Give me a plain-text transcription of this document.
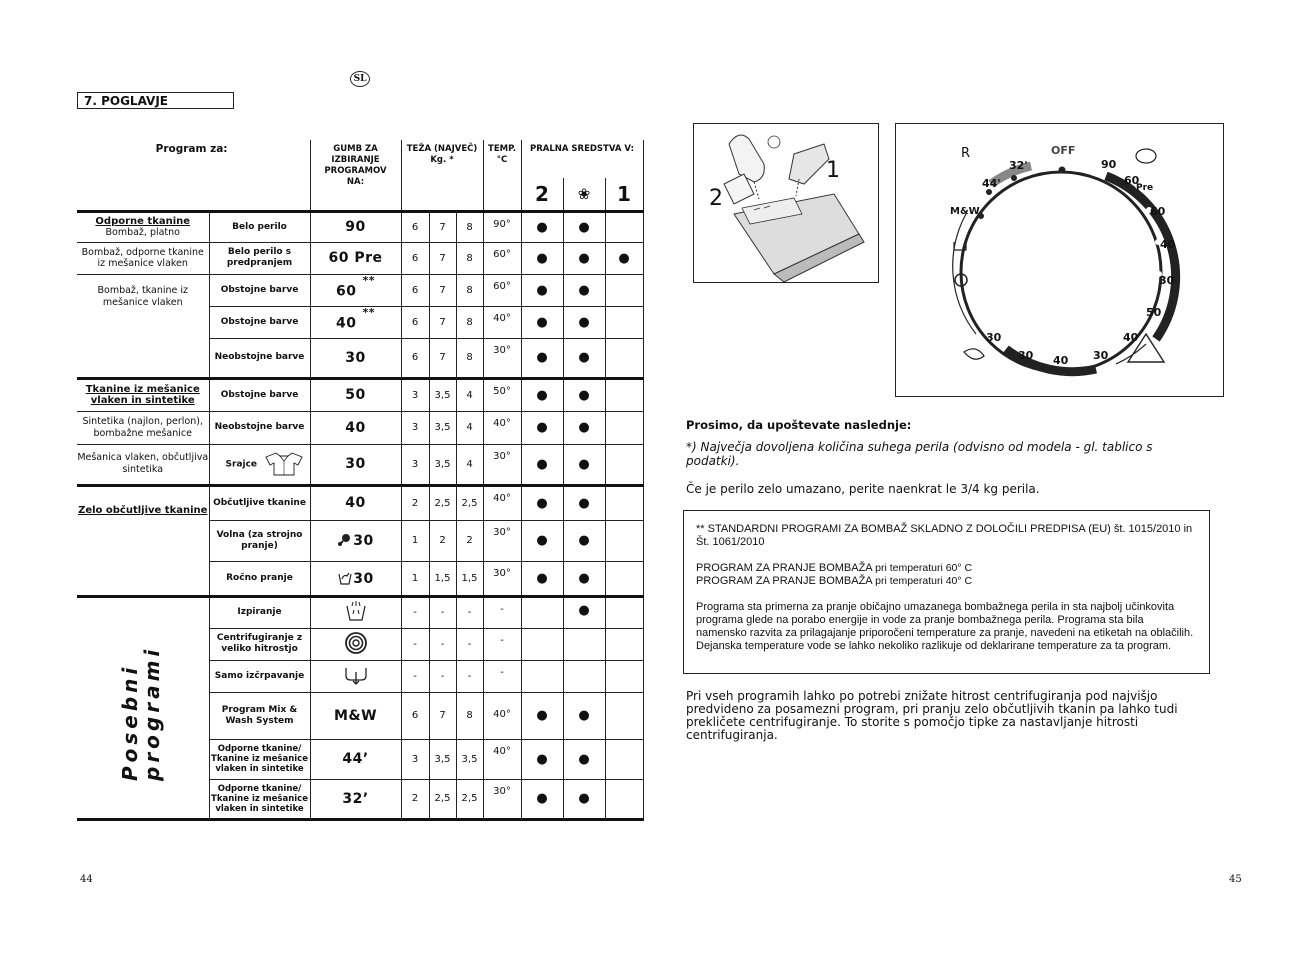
SL
7. POGLAVJE
Program za:		GUMB ZA IZBIRANJE PROGRAMOV NA:	TEŽA (NAJVEČ) Kg. *			TEMP. °C	PRALNA SREDSTVA V:		
							2	❀	1

Odporne tkanine
Bombaž, platno	Belo perilo	90	6	7	8	90°	●	●	
Bombaž, odporne tkanine iz mešanice vlaken	Belo perilo s predpranjem	60 Pre	6	7	8	60°	●	●	●
Bombaž, tkanine iz mešanice vlaken	Obstojne barve	60**	6	7	8	60°	●	●	
	Obstojne barve	40**	6	7	8	40°	●	●	
	Neobstojne barve	30	6	7	8	30°	●	●	

Tkanine iz mešanice vlaken in sintetike	Obstojne barve	50	3	3,5	4	50°	●	●	
Sintetika (najlon, perlon), bombažne mešanice	Neobstojne barve	40	3	3,5	4	40°	●	●	
Mešanica vlaken, občutljiva sintetika	Srajce	30	3	3,5	4	30°	●	●	

Zelo občutljive tkanine	Občutljive tkanine	40	2	2,5	2,5	40°	●	●	
	Volna (za strojno pranje)	30	1	2	2	30°	●	●	
	Ročno pranje	30	1	1,5	1,5	30°	●	●	
Posebni programi	Izpiranje		-	-	-	-		●	
	Centrifugiranje z veliko hitrostjo		-	-	-	-			
	Samo izčrpavanje		-	-	-	-			
	Program Mix & Wash System	M&W	6	7	8	40°	●	●	
	Odporne tkanine/ Tkanine iz mešanice vlaken in sintetike	44’	3	3,5	3,5	40°	●	●	
	Odporne tkanine/ Tkanine iz mešanice vlaken in sintetike	32’	2	2,5	2,5	30°	●	●	
1
2
OFF
R
90
60
Pre
60
40
30
50
40
30
40
30
30
M&W
44'
32'
Prosimo, da upoštevate naslednje:
*) Največja dovoljena količina suhega perila (odvisno od modela - gl. tablico s podatki).
Če je perilo zelo umazano, perite naenkrat le 3/4 kg perila.

** STANDARDNI PROGRAMI ZA BOMBAŽ SKLADNO Z DOLOČILI PREDPISA (EU) št. 1015/2010 in Št. 1061/2010

PROGRAM ZA PRANJE BOMBAŽA pri temperaturi 60° C
PROGRAM ZA PRANJE BOMBAŽA pri temperaturi 40° C

Programa sta primerna za pranje običajno umazanega bombažnega perila in sta najbolj učinkovita programa glede na porabo energije in vode za pranje bombažnega perila. Programa sta bila namensko razvita za prilagajanje priporočeni temperature za pranje, navedeni na etiketah na oblačilih. Dejanska temperature vode se lahko nekoliko razlikuje od deklarirane temperature za ta program.

Pri vseh programih lahko po potrebi znižate hitrost centrifugiranja pod najvišjo predvideno za posamezni program, pri pranju zelo občutljivih tkanin pa lahko tudi prekličete centrifugiranje. To storite s pomočjo tipke za nastavljanje hitrosti centrifugiranja.
44	45
